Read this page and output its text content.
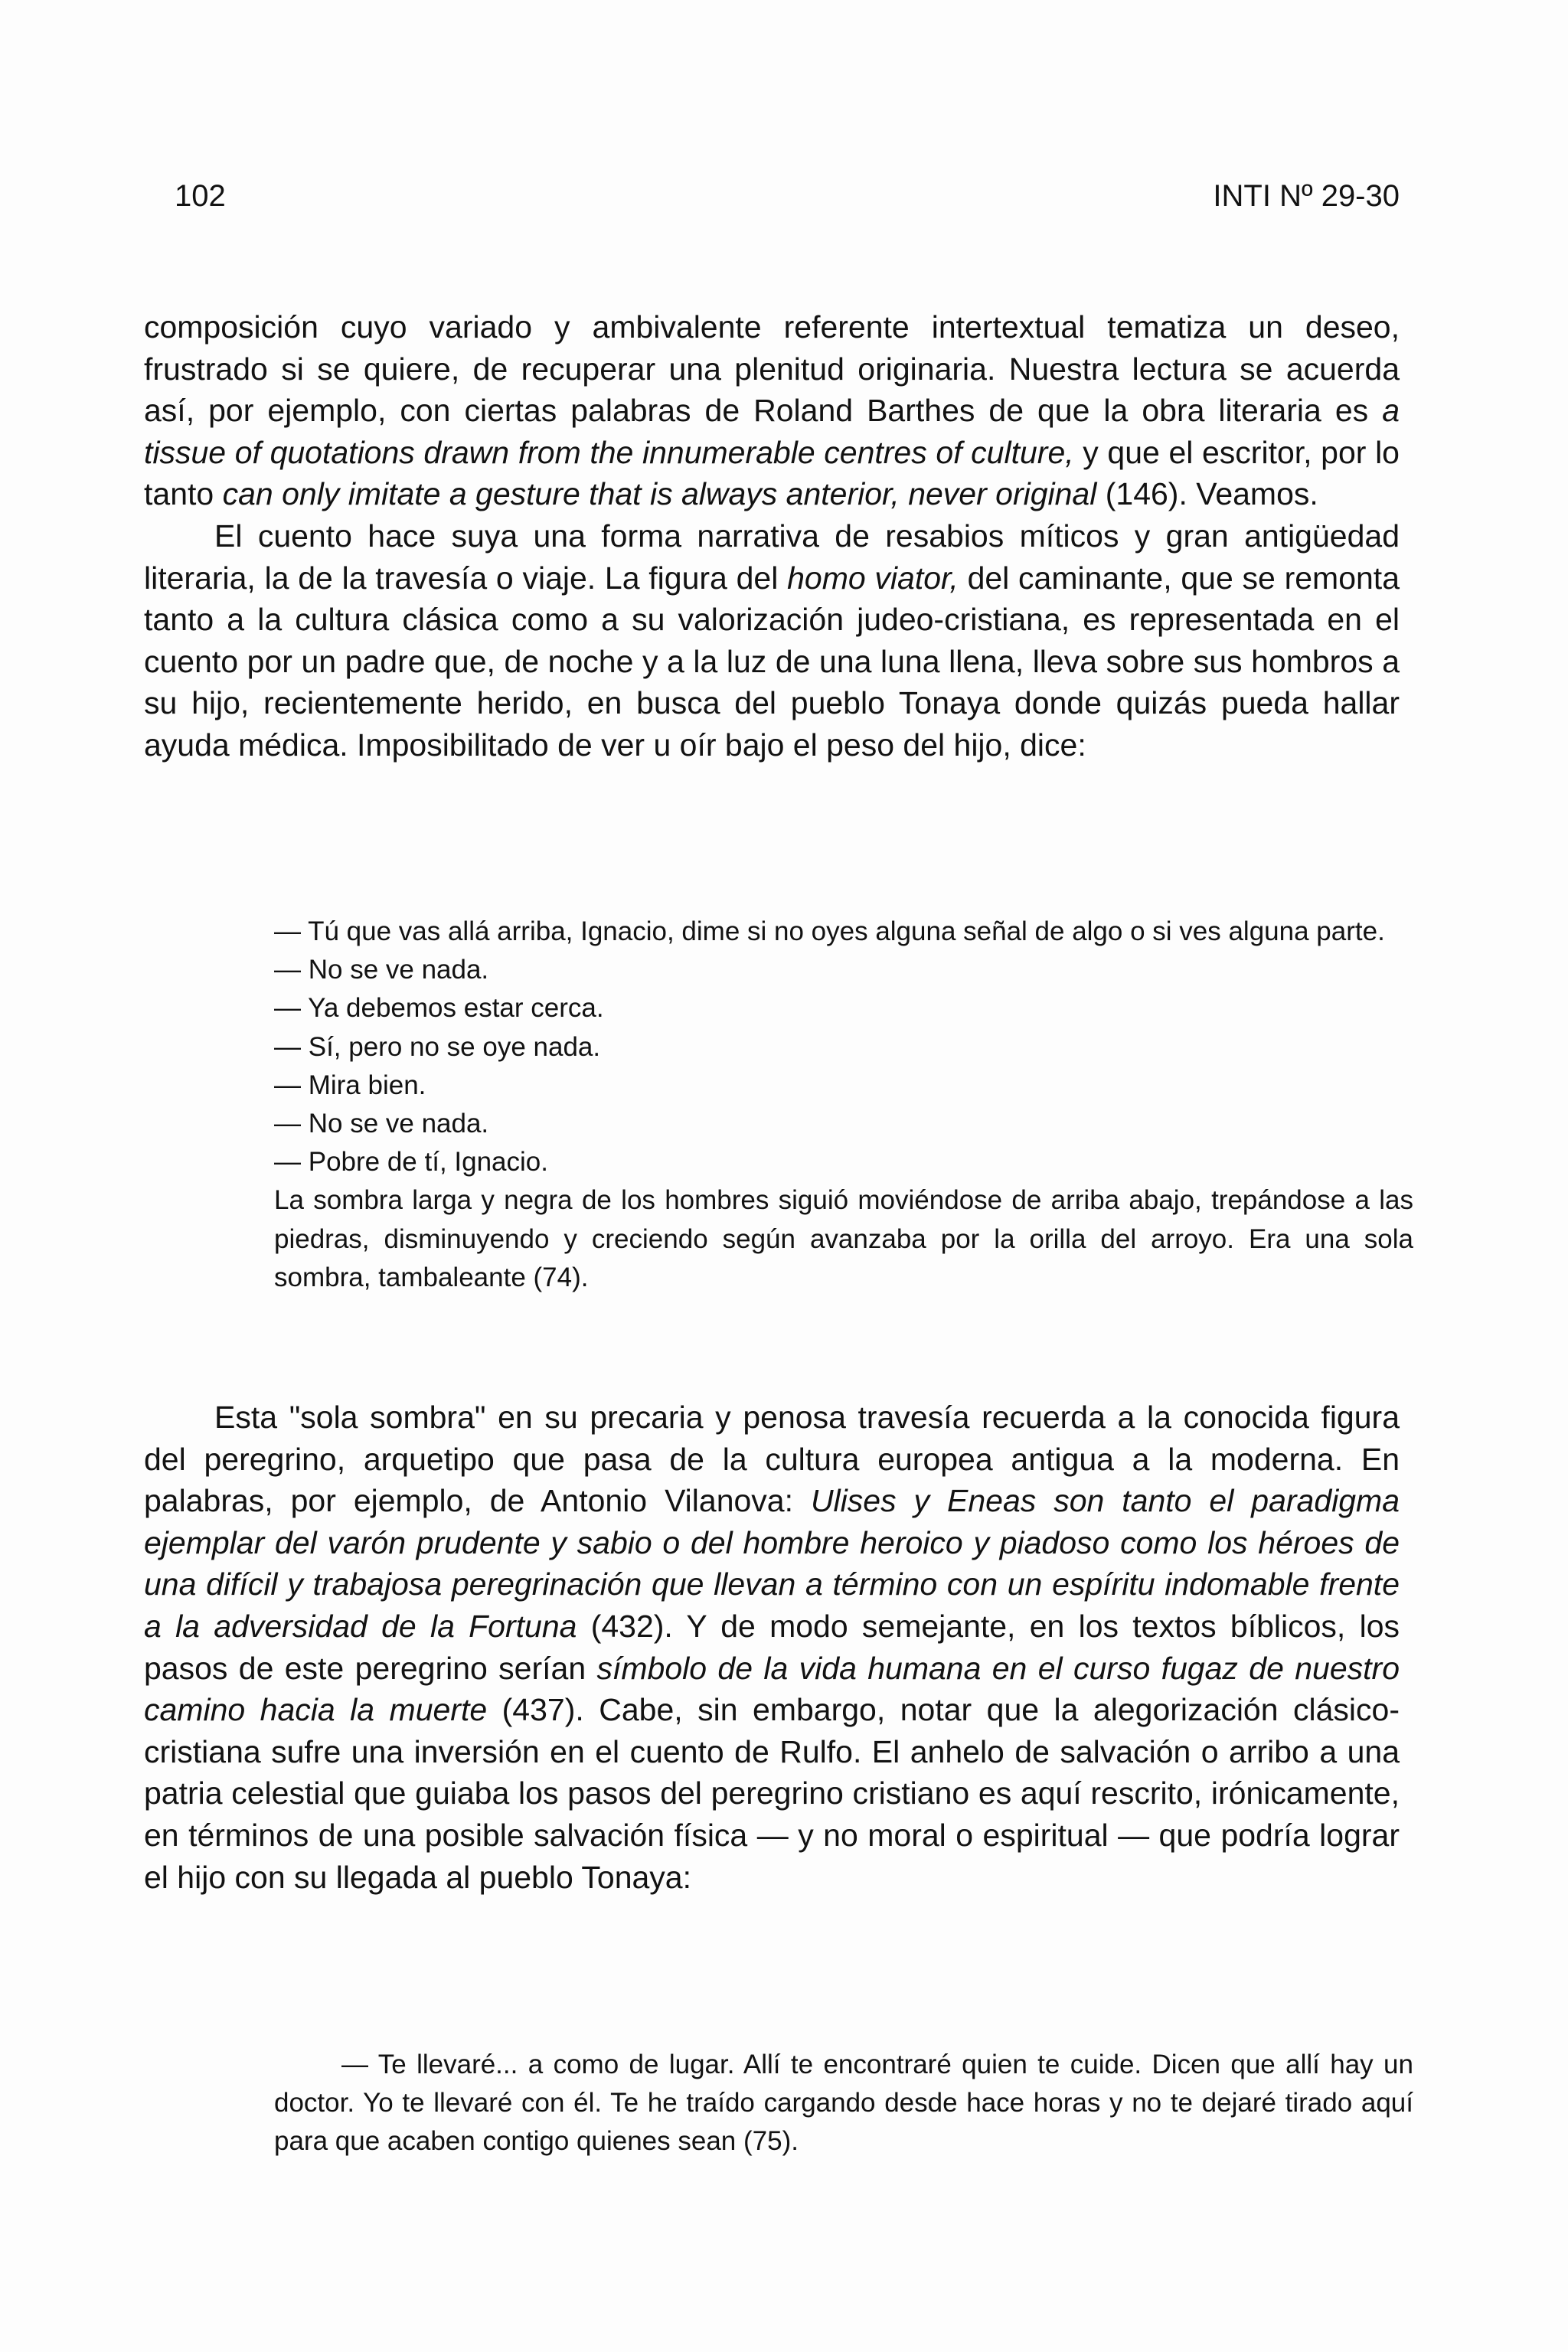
102	INTI Nº 29-30

composición cuyo variado y ambivalente referente intertextual tematiza un deseo, frustrado si se quiere, de recuperar una plenitud originaria. Nuestra lectura se acuerda así, por ejemplo, con ciertas palabras de Roland Barthes de que la obra literaria es a tissue of quotations drawn from the innumerable centres of culture, y que el escritor, por lo tanto can only imitate a gesture that is always anterior, never original (146). Veamos.
El cuento hace suya una forma narrativa de resabios míticos y gran antigüedad literaria, la de la travesía o viaje. La figura del homo viator, del caminante, que se remonta tanto a la cultura clásica como a su valorización judeo-cristiana, es representada en el cuento por un padre que, de noche y a la luz de una luna llena, lleva sobre sus hombros a su hijo, recientemente herido, en busca del pueblo Tonaya donde quizás pueda hallar ayuda médica. Imposibilitado de ver u oír bajo el peso del hijo, dice:

— Tú que vas allá arriba, Ignacio, dime si no oyes alguna señal de algo o si ves alguna parte.

— No se ve nada.

— Ya debemos estar cerca.

— Sí, pero no se oye nada.

— Mira bien.

— No se ve nada.

— Pobre de tí, Ignacio.

La sombra larga y negra de los hombres siguió moviéndose de arriba abajo, trepándose a las piedras, disminuyendo y creciendo según avanzaba por la orilla del arroyo. Era una sola sombra, tambaleante (74).

Esta "sola sombra" en su precaria y penosa travesía recuerda a la conocida figura del peregrino, arquetipo que pasa de la cultura europea antigua a la moderna. En palabras, por ejemplo, de Antonio Vilanova: Ulises y Eneas son tanto el paradigma ejemplar del varón prudente y sabio o del hombre heroico y piadoso como los héroes de una difícil y trabajosa peregrinación que llevan a término con un espíritu indomable frente a la adversidad de la Fortuna (432). Y de modo semejante, en los textos bíblicos, los pasos de este peregrino serían símbolo de la vida humana en el curso fugaz de nuestro camino hacia la muerte (437). Cabe, sin embargo, notar que la alegorización clásico-cristiana sufre una inversión en el cuento de Rulfo. El anhelo de salvación o arribo a una patria celestial que guiaba los pasos del peregrino cristiano es aquí rescrito, irónicamente, en términos de una posible salvación física — y no moral o espiritual — que podría lograr el hijo con su llegada al pueblo Tonaya:

— Te llevaré... a como de lugar. Allí te encontraré quien te cuide. Dicen que allí hay un doctor. Yo te llevaré con él. Te he traído cargando desde hace horas y no te dejaré tirado aquí para que acaben contigo quienes sean (75).
